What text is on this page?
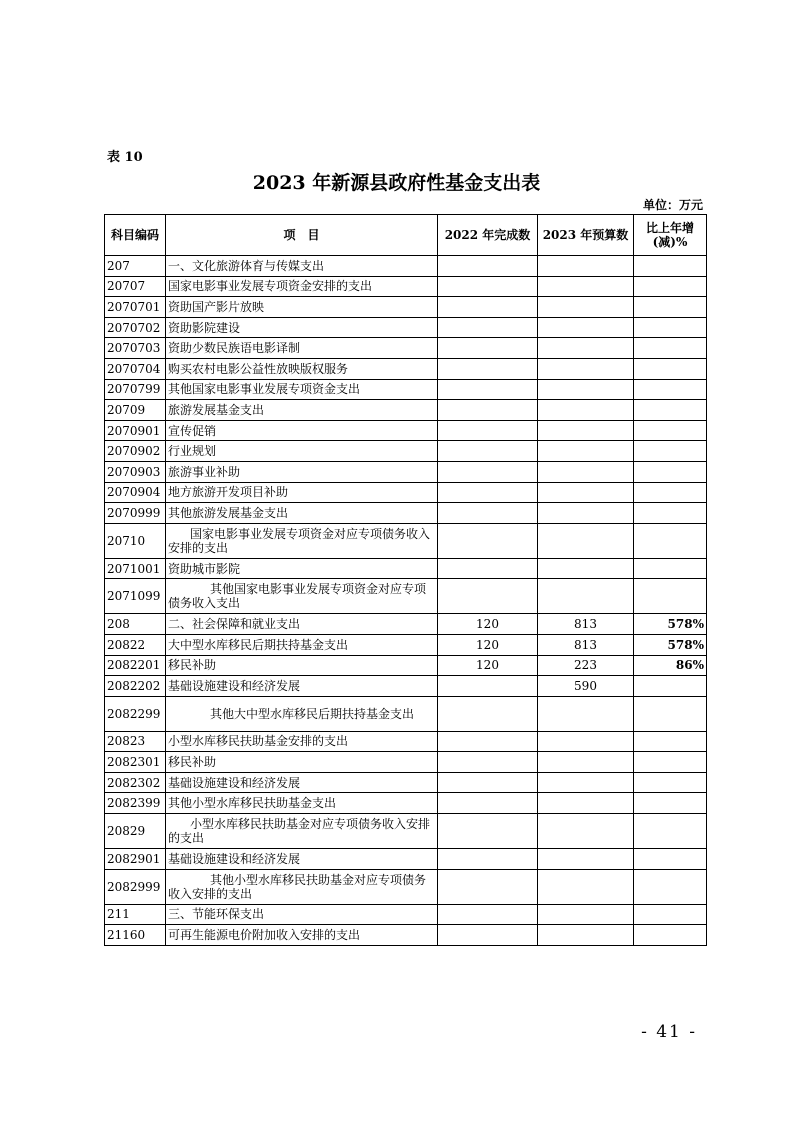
表 10
2023 年新源县政府性基金支出表
单位：万元
科目编码	项　目	2022 年完成数	2023 年预算数	比上年增(减)%
207	一、文化旅游体育与传媒支出			
20707	国家电影事业发展专项资金安排的支出			
2070701	资助国产影片放映			
2070702	资助影院建设			
2070703	资助少数民族语电影译制			
2070704	购买农村电影公益性放映版权服务			
2070799	其他国家电影事业发展专项资金支出			
20709	旅游发展基金支出			
2070901	宣传促销			
2070902	行业规划			
2070903	旅游事业补助			
2070904	地方旅游开发项目补助			
2070999	其他旅游发展基金支出			
20710	国家电影事业发展专项资金对应专项债务收入安排的支出			
2071001	资助城市影院			
2071099	其他国家电影事业发展专项资金对应专项债务收入支出			
208	二、社会保障和就业支出	120	813	578%
20822	大中型水库移民后期扶持基金支出	120	813	578%
2082201	移民补助	120	223	86%
2082202	基础设施建设和经济发展		590	
2082299	其他大中型水库移民后期扶持基金支出			
20823	小型水库移民扶助基金安排的支出			
2082301	移民补助			
2082302	基础设施建设和经济发展			
2082399	其他小型水库移民扶助基金支出			
20829	小型水库移民扶助基金对应专项债务收入安排的支出			
2082901	基础设施建设和经济发展			
2082999	其他小型水库移民扶助基金对应专项债务收入安排的支出			
211	三、节能环保支出			
21160	可再生能源电价附加收入安排的支出			
- 41 -
